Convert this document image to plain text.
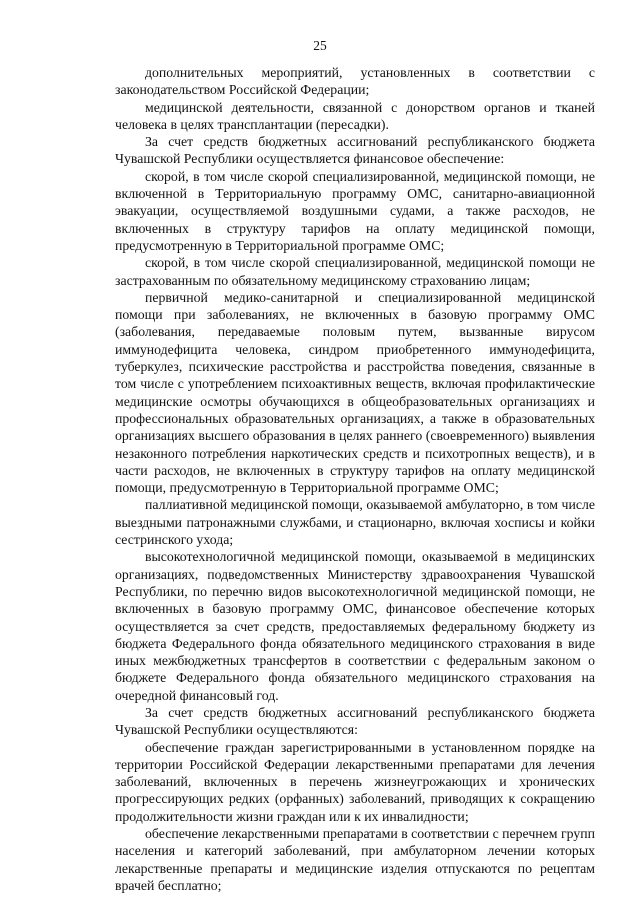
25

дополнительных мероприятий, установленных в соответствии с законодательством Российской Федерации;

медицинской деятельности, связанной с донорством органов и тканей человека в целях трансплантации (пересадки).

За счет средств бюджетных ассигнований республиканского бюджета Чувашской Республики осуществляется финансовое обеспечение:

скорой, в том числе скорой специализированной, медицинской помощи, не включенной в Территориальную программу ОМС, санитарно-авиационной эвакуации, осуществляемой воздушными судами, а также расходов, не включенных в структуру тарифов на оплату медицинской помощи, предусмотренную в Территориальной программе ОМС;

скорой, в том числе скорой специализированной, медицинской помощи не застрахованным по обязательному медицинскому страхованию лицам;

первичной медико-санитарной и специализированной медицинской помощи при заболеваниях, не включенных в базовую программу ОМС (заболевания, передаваемые половым путем, вызванные вирусом иммунодефицита человека, синдром приобретенного иммунодефицита, туберкулез, психические расстройства и расстройства поведения, связанные в том числе с употреблением психоактивных веществ, включая профилактические медицинские осмотры обучающихся в общеобразовательных организациях и профессиональных образовательных организациях, а также в образовательных организациях высшего образования в целях раннего (своевременного) выявления незаконного потребления наркотических средств и психотропных веществ), и в части расходов, не включенных в структуру тарифов на оплату медицинской помощи, предусмотренную в Территориальной программе ОМС;

паллиативной медицинской помощи, оказываемой амбулаторно, в том числе выездными патронажными службами, и стационарно, включая хосписы и койки сестринского ухода;

высокотехнологичной медицинской помощи, оказываемой в медицинских организациях, подведомственных Министерству здравоохранения Чувашской Республики, по перечню видов высокотехнологичной медицинской помощи, не включенных в базовую программу ОМС, финансовое обеспечение которых осуществляется за счет средств, предоставляемых федеральному бюджету из бюджета Федерального фонда обязательного медицинского страхования в виде иных межбюджетных трансфертов в соответствии с федеральным законом о бюджете Федерального фонда обязательного медицинского страхования на очередной финансовый год.

За счет средств бюджетных ассигнований республиканского бюджета Чувашской Республики осуществляются:

обеспечение граждан зарегистрированными в установленном порядке на территории Российской Федерации лекарственными препаратами для лечения заболеваний, включенных в перечень жизнеугрожающих и хронических прогрессирующих редких (орфанных) заболеваний, приводящих к сокращению продолжительности жизни граждан или к их инвалидности;

обеспечение лекарственными препаратами в соответствии с перечнем групп населения и категорий заболеваний, при амбулаторном лечении которых лекарственные препараты и медицинские изделия отпускаются по рецептам врачей бесплатно;
